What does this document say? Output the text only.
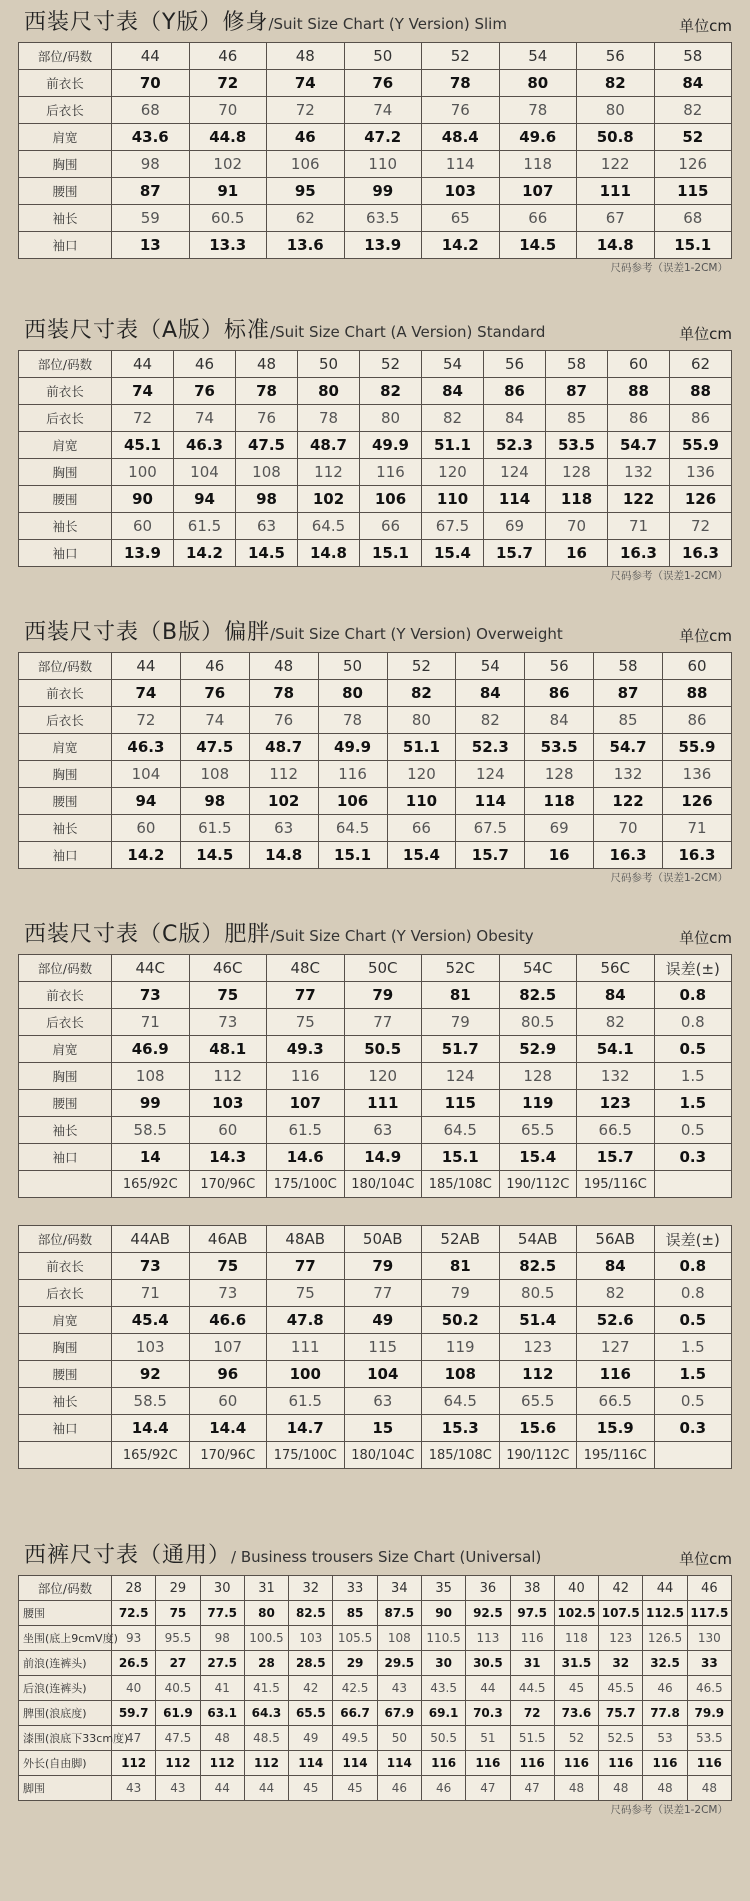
西装尺寸表（Y版）修身/Suit Size Chart (Y Version) Slim	单位cm
部位/码数	44	46	48	50	52	54	56	58
前衣长	70	72	74	76	78	80	82	84
后衣长	68	70	72	74	76	78	80	82
肩宽	43.6	44.8	46	47.2	48.4	49.6	50.8	52
胸围	98	102	106	110	114	118	122	126
腰围	87	91	95	99	103	107	111	115
袖长	59	60.5	62	63.5	65	66	67	68
袖口	13	13.3	13.6	13.9	14.2	14.5	14.8	15.1
尺码参考（误差1-2CM）
西装尺寸表（A版）标准/Suit Size Chart (A Version) Standard	单位cm
部位/码数	44	46	48	50	52	54	56	58	60	62
前衣长	74	76	78	80	82	84	86	87	88	88
后衣长	72	74	76	78	80	82	84	85	86	86
肩宽	45.1	46.3	47.5	48.7	49.9	51.1	52.3	53.5	54.7	55.9
胸围	100	104	108	112	116	120	124	128	132	136
腰围	90	94	98	102	106	110	114	118	122	126
袖长	60	61.5	63	64.5	66	67.5	69	70	71	72
袖口	13.9	14.2	14.5	14.8	15.1	15.4	15.7	16	16.3	16.3
尺码参考（误差1-2CM）
西装尺寸表（B版）偏胖/Suit Size Chart (Y Version) Overweight	单位cm
部位/码数	44	46	48	50	52	54	56	58	60
前衣长	74	76	78	80	82	84	86	87	88
后衣长	72	74	76	78	80	82	84	85	86
肩宽	46.3	47.5	48.7	49.9	51.1	52.3	53.5	54.7	55.9
胸围	104	108	112	116	120	124	128	132	136
腰围	94	98	102	106	110	114	118	122	126
袖长	60	61.5	63	64.5	66	67.5	69	70	71
袖口	14.2	14.5	14.8	15.1	15.4	15.7	16	16.3	16.3
尺码参考（误差1-2CM）
西装尺寸表（C版）肥胖/Suit Size Chart (Y Version) Obesity	单位cm
部位/码数	44C	46C	48C	50C	52C	54C	56C	误差(±)
前衣长	73	75	77	79	81	82.5	84	0.8
后衣长	71	73	75	77	79	80.5	82	0.8
肩宽	46.9	48.1	49.3	50.5	51.7	52.9	54.1	0.5
胸围	108	112	116	120	124	128	132	1.5
腰围	99	103	107	111	115	119	123	1.5
袖长	58.5	60	61.5	63	64.5	65.5	66.5	0.5
袖口	14	14.3	14.6	14.9	15.1	15.4	15.7	0.3
	165/92C	170/96C	175/100C	180/104C	185/108C	190/112C	195/116C	
部位/码数	44AB	46AB	48AB	50AB	52AB	54AB	56AB	误差(±)
前衣长	73	75	77	79	81	82.5	84	0.8
后衣长	71	73	75	77	79	80.5	82	0.8
肩宽	45.4	46.6	47.8	49	50.2	51.4	52.6	0.5
胸围	103	107	111	115	119	123	127	1.5
腰围	92	96	100	104	108	112	116	1.5
袖长	58.5	60	61.5	63	64.5	65.5	66.5	0.5
袖口	14.4	14.4	14.7	15	15.3	15.6	15.9	0.3
	165/92C	170/96C	175/100C	180/104C	185/108C	190/112C	195/116C	
西裤尺寸表（通用）/ Business trousers Size Chart (Universal)	单位cm
部位/码数	28	29	30	31	32	33	34	35	36	38	40	42	44	46
腰围	72.5	75	77.5	80	82.5	85	87.5	90	92.5	97.5	102.5	107.5	112.5	117.5
坐围(底上9cmV度)	93	95.5	98	100.5	103	105.5	108	110.5	113	116	118	123	126.5	130
前浪(连裤头)	26.5	27	27.5	28	28.5	29	29.5	30	30.5	31	31.5	32	32.5	33
后浪(连裤头)	40	40.5	41	41.5	42	42.5	43	43.5	44	44.5	45	45.5	46	46.5
脾围(浪底度)	59.7	61.9	63.1	64.3	65.5	66.7	67.9	69.1	70.3	72	73.6	75.7	77.8	79.9
漆围(浪底下33cm度)	47	47.5	48	48.5	49	49.5	50	50.5	51	51.5	52	52.5	53	53.5
外长(自由脚)	112	112	112	112	114	114	114	116	116	116	116	116	116	116
脚围	43	43	44	44	45	45	46	46	47	47	48	48	48	48
尺码参考（误差1-2CM）
